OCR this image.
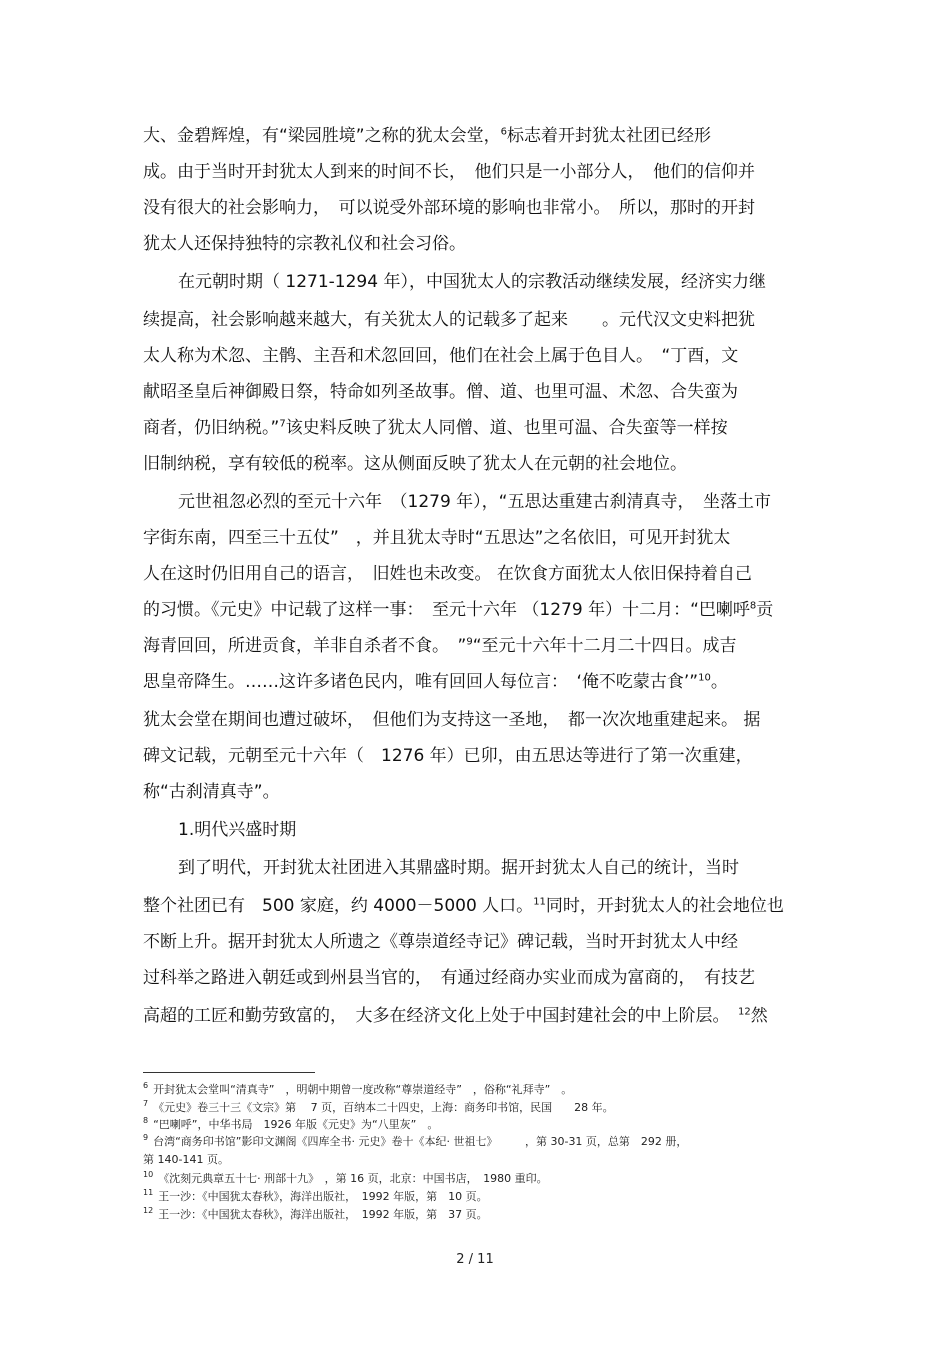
大、金碧辉煌，有“梁园胜境”之称的犹太会堂，$^6$标志着开封犹太社团已经形
成。由于当时开封犹太人到来的时间不长，　他们只是一小部分人，　他们的信仰并
没有很大的社会影响力，　可以说受外部环境的影响也非常小。　所以，那时的开封
犹太人还保持独特的宗教礼仪和社会习俗。
在元朝时期（ 1271-1294 年），中国犹太人的宗教活动继续发展，经济实力继
续提高，社会影响越来越大，有关犹太人的记载多了起来　　。元代汉文史料把犹
太人称为术忽、主鹘、主吾和术忽回回，他们在社会上属于色目人。　“丁酉，文
献昭圣皇后神御殿日祭，特命如列圣故事。僧、道、也里可温、术忽、合失蛮为
商者，仍旧纳税。”$^7$该史料反映了犹太人同僧、道、也里可温、合失蛮等一样按
旧制纳税，享有较低的税率。这从侧面反映了犹太人在元朝的社会地位。
元世祖忽必烈的至元十六年　（1279 年），“五思达重建古刹清真寺，　坐落土市
字街东南，四至三十五仗”　，并且犹太寺时“五思达”之名依旧，可见开封犹太
人在这时仍旧用自己的语言，　旧姓也未改变。 在饮食方面犹太人依旧保持着自己
的习惯。《元史》中记载了这样一事：　至元十六年 （1279 年）十二月：“巴喇呼$^8$贡
海青回回，所进贡食，羊非自杀者不食。　”$^9$“至元十六年十二月二十四日。成吉
思皇帝降生。……这许多诸色民内，唯有回回人每位言：　‘俺不吃蒙古食’”$^{10}$。
犹太会堂在期间也遭过破坏，　但他们为支持这一圣地，　都一次次地重建起来。 据
碑文记载，元朝至元十六年（　1276 年）已卯，由五思达等进行了第一次重建，
称“古刹清真寺”。
1.明代兴盛时期
到了明代，开封犹太社团进入其鼎盛时期。据开封犹太人自己的统计，当时
整个社团已有　500 家庭，约 4000－5000 人口。$^{11}$同时，开封犹太人的社会地位也
不断上升。据开封犹太人所遗之《尊崇道经寺记》碑记载，当时开封犹太人中经
过科举之路进入朝廷或到州县当官的，　有通过经商办实业而成为富商的，　有技艺
高超的工匠和勤劳致富的，　大多在经济文化上处于中国封建社会的中上阶层。　$^{12}$然
$^6$ 开封犹太会堂叫“清真寺”　，明朝中期曾一度改称“尊崇道经寺”　，俗称“礼拜寺”　。
$^7$ 《元史》卷三十三《文宗》第　 7 页，百纳本二十四史，上海：商务印书馆，民国　　28 年。
$^8$ “巴喇呼”，中华书局　1926 年版《元史》为“八里灰”　。
$^9$ 台湾“商务印书馆”影印文渊阁《四库全书· 元史》卷十《本纪· 世祖七》　　　，第 30-31 页，总第　292 册，
第 140-141 页。
$^{10}$ 《沈刻元典章五十七· 刑部十九》　，第 16 页，北京：中国书店，　1980 重印。
$^{11}$ 王一沙：《中国犹太春秋》，海洋出版社，　1992 年版，第　10 页。
$^{12}$ 王一沙：《中国犹太春秋》，海洋出版社，　1992 年版，第　37 页。
2 / 11
